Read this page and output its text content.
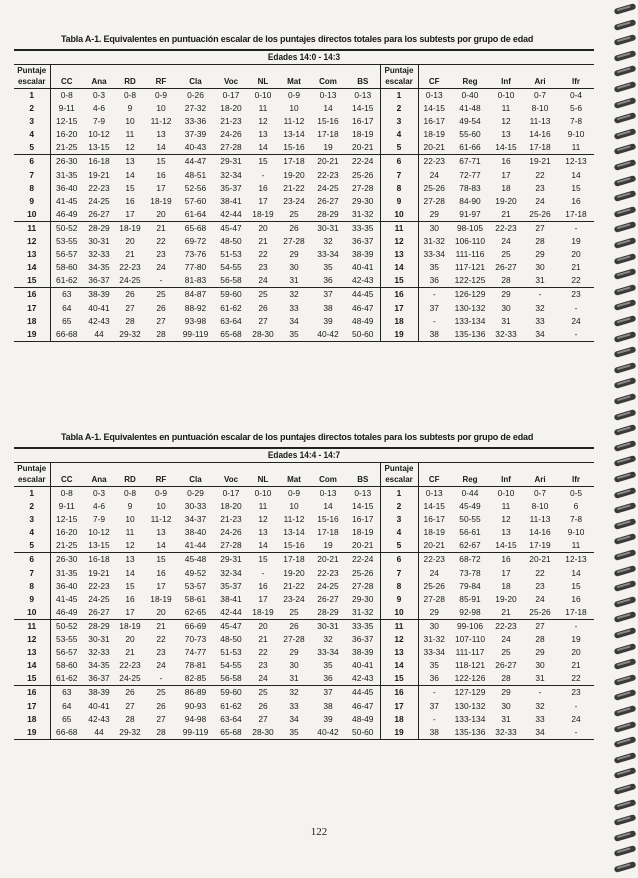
Tabla A-1. Equivalentes en puntuación escalar de los puntajes directos totales para los subtests por grupo de edad
Edades 14:0 - 14:3
Puntaje											Puntaje					
escalar	CC	Ana	RD	RF	Cla	Voc	NL	Mat	Com	BS	escalar	CF	Reg	Inf	Ari	Ifr
1	0-8	0-3	0-8	0-9	0-26	0-17	0-10	0-9	0-13	0-13	1	0-13	0-40	0-10	0-7	0-4
2	9-11	4-6	9	10	27-32	18-20	11	10	14	14-15	2	14-15	41-48	11	8-10	5-6
3	12-15	7-9	10	11-12	33-36	21-23	12	11-12	15-16	16-17	3	16-17	49-54	12	11-13	7-8
4	16-20	10-12	11	13	37-39	24-26	13	13-14	17-18	18-19	4	18-19	55-60	13	14-16	9-10
5	21-25	13-15	12	14	40-43	27-28	14	15-16	19	20-21	5	20-21	61-66	14-15	17-18	11
6	26-30	16-18	13	15	44-47	29-31	15	17-18	20-21	22-24	6	22-23	67-71	16	19-21	12-13
7	31-35	19-21	14	16	48-51	32-34	-	19-20	22-23	25-26	7	24	72-77	17	22	14
8	36-40	22-23	15	17	52-56	35-37	16	21-22	24-25	27-28	8	25-26	78-83	18	23	15
9	41-45	24-25	16	18-19	57-60	38-41	17	23-24	26-27	29-30	9	27-28	84-90	19-20	24	16
10	46-49	26-27	17	20	61-64	42-44	18-19	25	28-29	31-32	10	29	91-97	21	25-26	17-18
11	50-52	28-29	18-19	21	65-68	45-47	20	26	30-31	33-35	11	30	98-105	22-23	27	-
12	53-55	30-31	20	22	69-72	48-50	21	27-28	32	36-37	12	31-32	106-110	24	28	19
13	56-57	32-33	21	23	73-76	51-53	22	29	33-34	38-39	13	33-34	111-116	25	29	20
14	58-60	34-35	22-23	24	77-80	54-55	23	30	35	40-41	14	35	117-121	26-27	30	21
15	61-62	36-37	24-25	-	81-83	56-58	24	31	36	42-43	15	36	122-125	28	31	22
16	63	38-39	26	25	84-87	59-60	25	32	37	44-45	16	-	126-129	29	-	23
17	64	40-41	27	26	88-92	61-62	26	33	38	46-47	17	37	130-132	30	32	-
18	65	42-43	28	27	93-98	63-64	27	34	39	48-49	18	-	133-134	31	33	24
19	66-68	44	29-32	28	99-119	65-68	28-30	35	40-42	50-60	19	38	135-136	32-33	34	-
Tabla A-1. Equivalentes en puntuación escalar de los puntajes directos totales para los subtests por grupo de edad
Edades 14:4 - 14:7
Puntaje											Puntaje					
escalar	CC	Ana	RD	RF	Cla	Voc	NL	Mat	Com	BS	escalar	CF	Reg	Inf	Ari	Ifr
1	0-8	0-3	0-8	0-9	0-29	0-17	0-10	0-9	0-13	0-13	1	0-13	0-44	0-10	0-7	0-5
2	9-11	4-6	9	10	30-33	18-20	11	10	14	14-15	2	14-15	45-49	11	8-10	6
3	12-15	7-9	10	11-12	34-37	21-23	12	11-12	15-16	16-17	3	16-17	50-55	12	11-13	7-8
4	16-20	10-12	11	13	38-40	24-26	13	13-14	17-18	18-19	4	18-19	56-61	13	14-16	9-10
5	21-25	13-15	12	14	41-44	27-28	14	15-16	19	20-21	5	20-21	62-67	14-15	17-19	11
6	26-30	16-18	13	15	45-48	29-31	15	17-18	20-21	22-24	6	22-23	68-72	16	20-21	12-13
7	31-35	19-21	14	16	49-52	32-34	-	19-20	22-23	25-26	7	24	73-78	17	22	14
8	36-40	22-23	15	17	53-57	35-37	16	21-22	24-25	27-28	8	25-26	79-84	18	23	15
9	41-45	24-25	16	18-19	58-61	38-41	17	23-24	26-27	29-30	9	27-28	85-91	19-20	24	16
10	46-49	26-27	17	20	62-65	42-44	18-19	25	28-29	31-32	10	29	92-98	21	25-26	17-18
11	50-52	28-29	18-19	21	66-69	45-47	20	26	30-31	33-35	11	30	99-106	22-23	27	-
12	53-55	30-31	20	22	70-73	48-50	21	27-28	32	36-37	12	31-32	107-110	24	28	19
13	56-57	32-33	21	23	74-77	51-53	22	29	33-34	38-39	13	33-34	111-117	25	29	20
14	58-60	34-35	22-23	24	78-81	54-55	23	30	35	40-41	14	35	118-121	26-27	30	21
15	61-62	36-37	24-25	-	82-85	56-58	24	31	36	42-43	15	36	122-126	28	31	22
16	63	38-39	26	25	86-89	59-60	25	32	37	44-45	16	-	127-129	29	-	23
17	64	40-41	27	26	90-93	61-62	26	33	38	46-47	17	37	130-132	30	32	-
18	65	42-43	28	27	94-98	63-64	27	34	39	48-49	18	-	133-134	31	33	24
19	66-68	44	29-32	28	99-119	65-68	28-30	35	40-42	50-60	19	38	135-136	32-33	34	-
122
